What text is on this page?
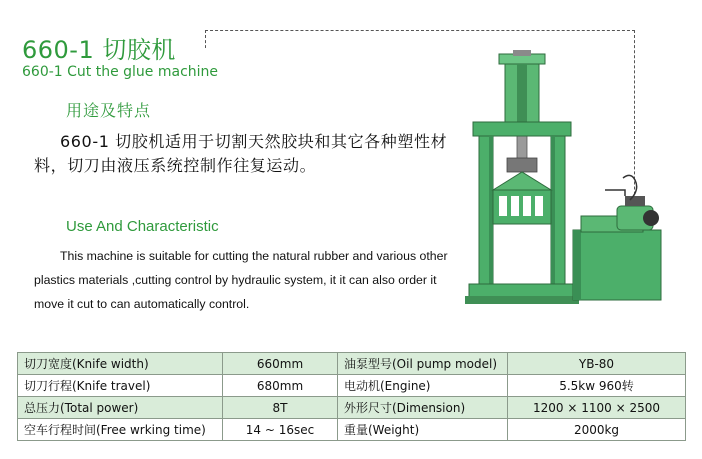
660-1 切胶机
660-1 Cut the glue machine
用途及特点
660-1 切胶机适用于切割天然胶块和其它各种塑性材料，切刀由液压系统控制作往复运动。
Use And Characteristic
This machine is suitable for cutting the natural rubber and various other plastics materials ,cutting control by hydraulic system, it it can also order it move it cut to can automatically control.
切刀宽度(Knife width)	660mm	油泵型号(Oil pump model)	YB-80
切刀行程(Knife travel)	680mm	电动机(Engine)	5.5kw 960转
总压力(Total power)	8T	外形尺寸(Dimension)	1200 × 1100 × 2500
空车行程时间(Free wrking time)	14 ~ 16sec	重量(Weight)	2000kg
